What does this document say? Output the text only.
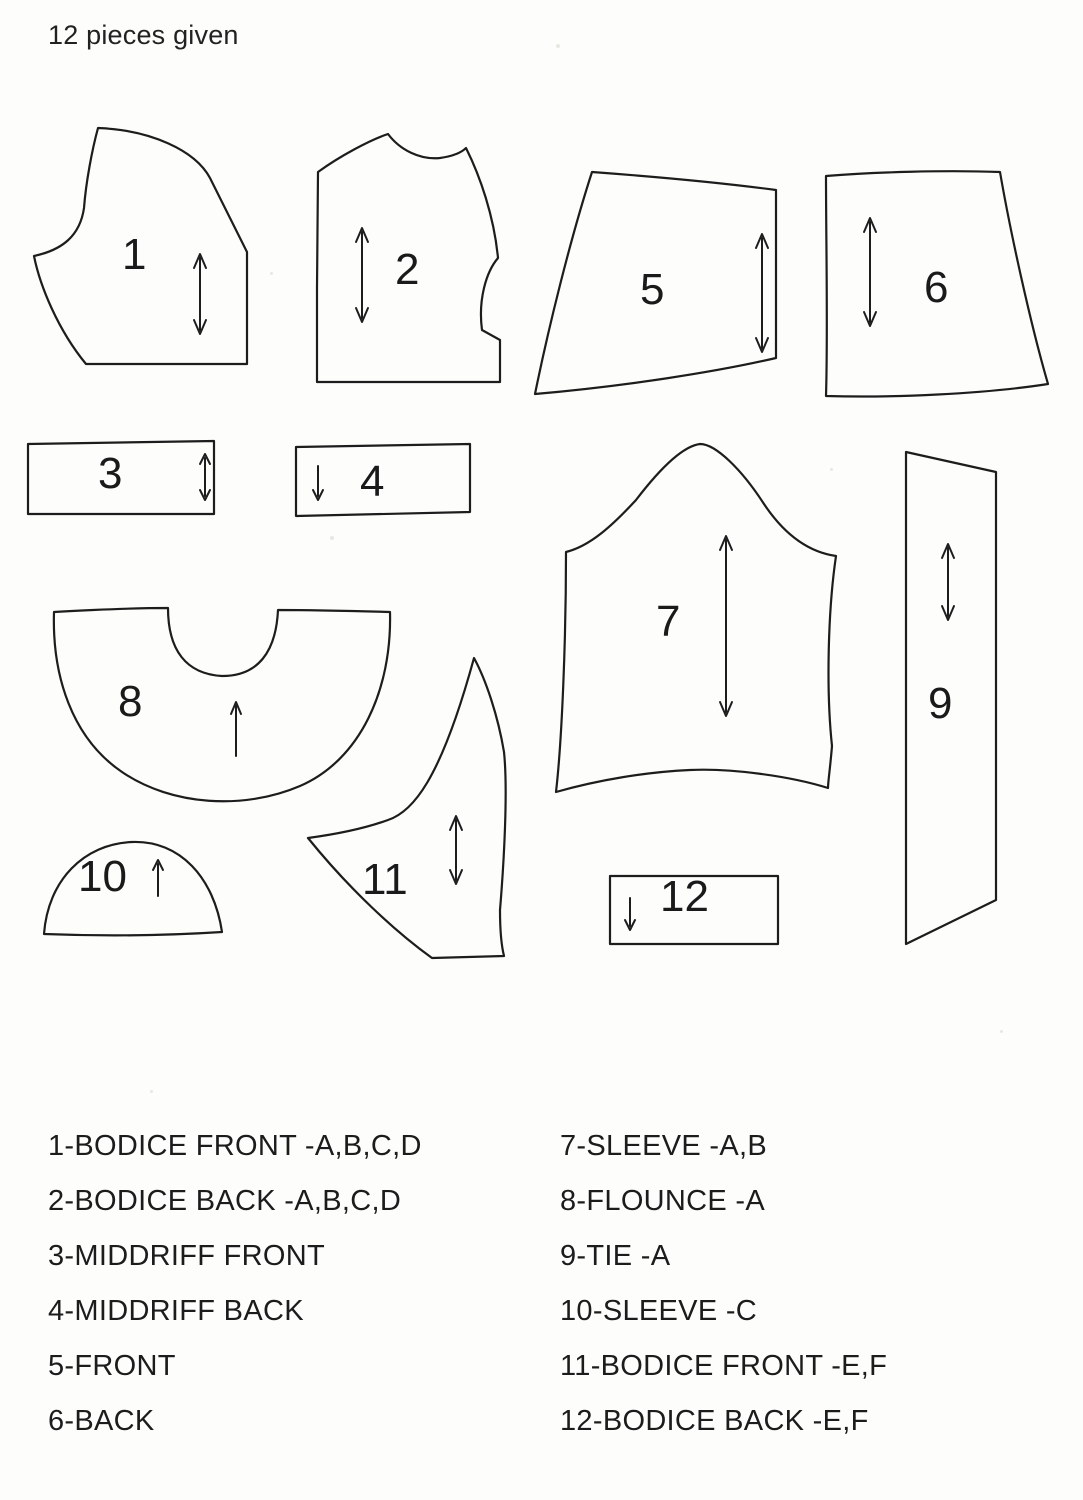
12 pieces given
1	2	5	6
3	4
7
9
8
10	11	12
1-BODICE FRONT -A,B,C,D
2-BODICE BACK -A,B,C,D
3-MIDDRIFF FRONT
4-MIDDRIFF BACK
5-FRONT
6-BACK
7-SLEEVE -A,B
8-FLOUNCE -A
9-TIE -A
10-SLEEVE -C
11-BODICE FRONT -E,F
12-BODICE BACK -E,F
